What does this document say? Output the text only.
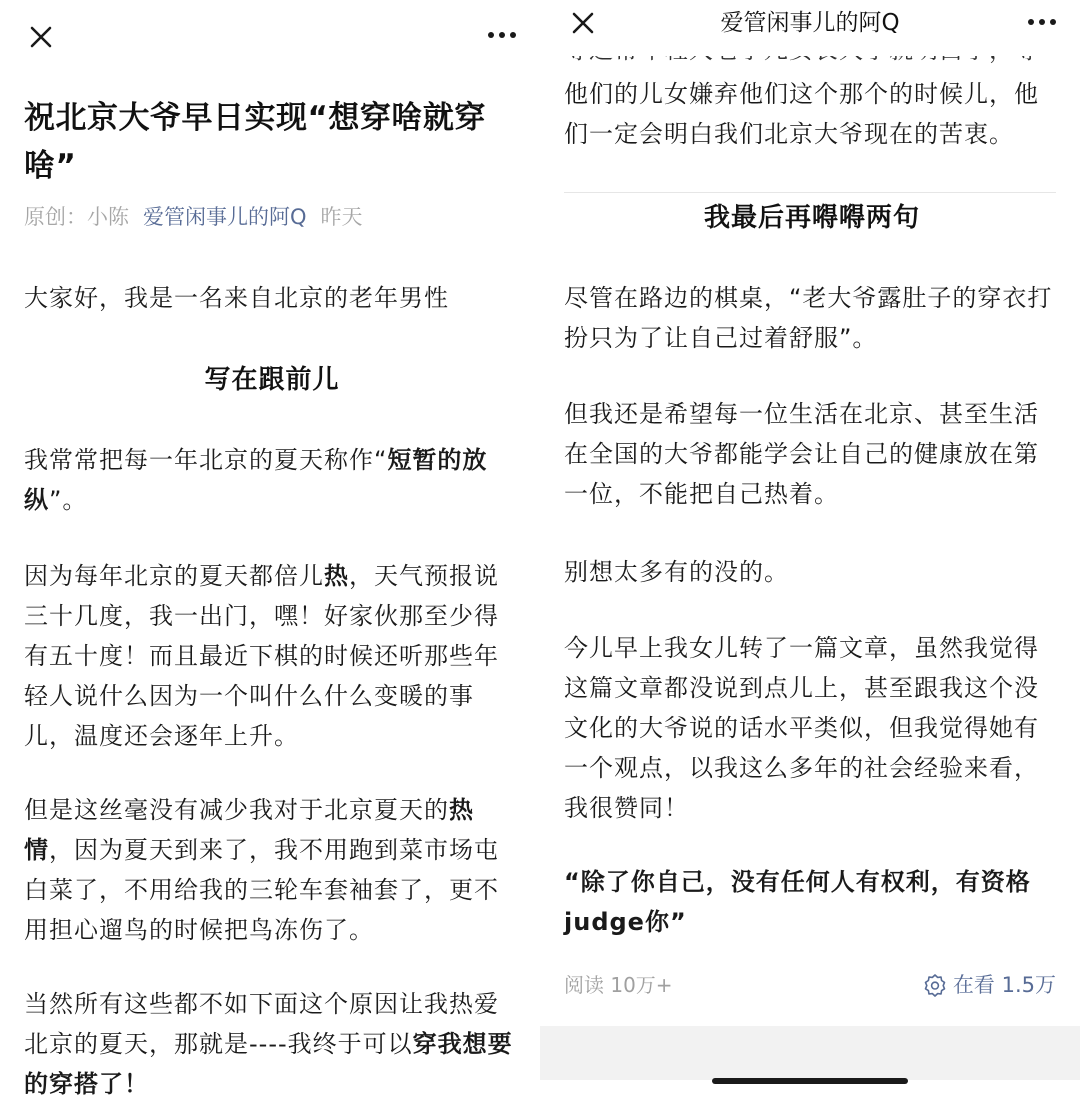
祝北京大爷早日实现“想穿啥就穿啥”
原创：小陈 爱管闲事儿的阿Q 昨天

大家好，我是一名来自北京的老年男性

写在跟前儿

我常常把每一年北京的夏天称作“短暂的放纵”。

因为每年北京的夏天都倍儿热，天气预报说三十几度，我一出门，嘿！好家伙那至少得有五十度！而且最近下棋的时候还听那些年轻人说什么因为一个叫什么什么变暖的事儿，温度还会逐年上升。

但是这丝毫没有减少我对于北京夏天的热情，因为夏天到来了，我不用跑到菜市场屯白菜了，不用给我的三轮车套袖套了，更不用担心遛鸟的时候把鸟冻伤了。

当然所有这些都不如下面这个原因让我热爱北京的夏天，那就是----我终于可以穿我想要的穿搭了！

爱管闲事儿的阿Q

他们的儿女嫌弃他们这个那个的时候儿，他们一定会明白我们北京大爷现在的苦衷。

我最后再嘚嘚两句

尽管在路边的棋桌，“老大爷露肚子的穿衣打扮只为了让自己过着舒服”。

但我还是希望每一位生活在北京、甚至生活在全国的大爷都能学会让自己的健康放在第一位，不能把自己热着。

别想太多有的没的。

今儿早上我女儿转了一篇文章，虽然我觉得这篇文章都没说到点儿上，甚至跟我这个没文化的大爷说的话水平类似，但我觉得她有一个观点，以我这么多年的社会经验来看，我很赞同！

“除了你自己，没有任何人有权利，有资格judge你”

阅读 10万+	在看 1.5万
